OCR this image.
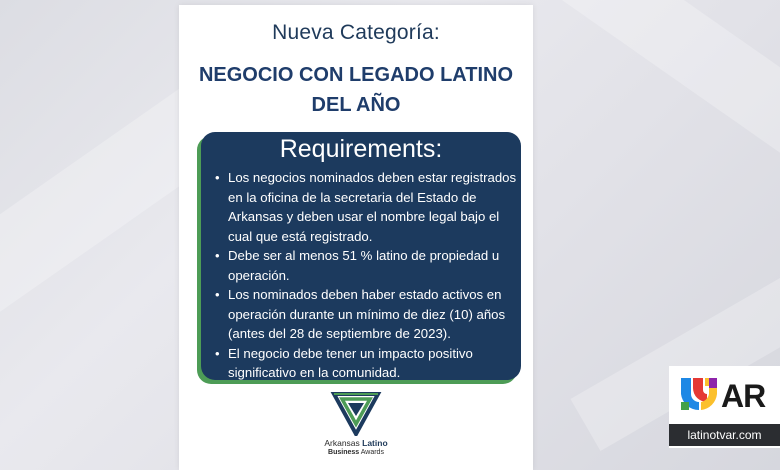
Nueva Categoría:
NEGOCIO CON LEGADO LATINO
DEL AÑO
Requirements:
• Los negocios nominados deben estar registrados en la oficina de la secretaria del Estado de Arkansas y deben usar el nombre legal bajo el cual que está registrado.
• Debe ser al menos 51 % latino de propiedad u operación.
• Los nominados deben haber estado activos en operación durante un mínimo de diez (10) años (antes del 28 de septiembre de 2023).
• El negocio debe tener un impacto positivo significativo en la comunidad.
Arkansas Latino
Business Awards
AR
latinotvar.com
